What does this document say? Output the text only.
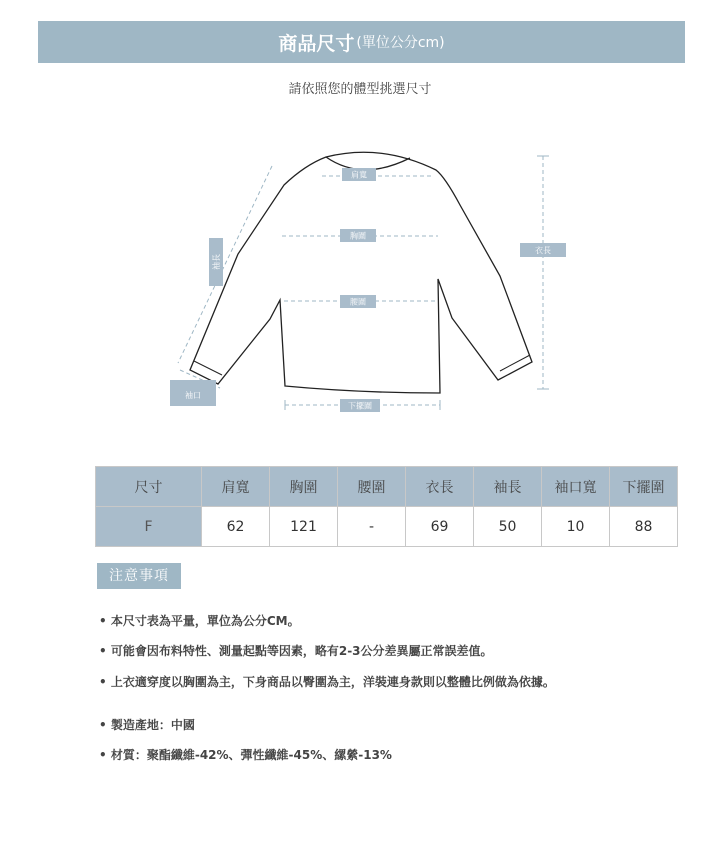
商品尺寸 (單位公分cm)
請依照您的體型挑選尺寸
肩寬
胸圍
腰圍
下擺圍
衣長
袖長
袖口
尺寸	肩寬	胸圍	腰圍	衣長	袖長	袖口寬	下擺圍
F	62	121	-	69	50	10	88
注意事項
• 本尺寸表為平量，單位為公分CM。
• 可能會因布料特性、測量起點等因素，略有2-3公分差異屬正常誤差值。
• 上衣適穿度以胸圍為主，下身商品以臀圍為主，洋裝連身款則以整體比例做為依據。
• 製造產地：中國
• 材質：聚酯纖維-42%、彈性纖維-45%、縲縈-13%
